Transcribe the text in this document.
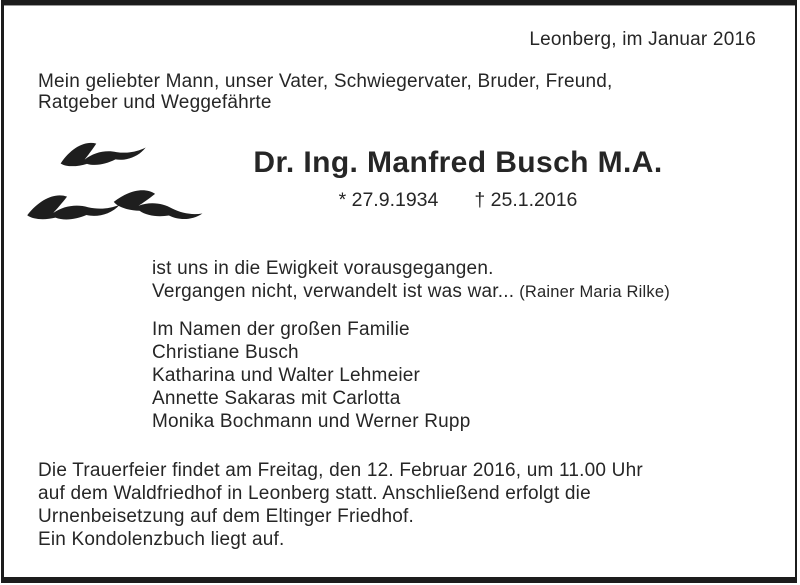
Leonberg, im Januar 2016
Mein geliebter Mann, unser Vater, Schwiegervater, Bruder, Freund,
Ratgeber und Weggefährte
Dr. Ing. Manfred Busch M.A.
* 27.9.1934 † 25.1.2016
ist uns in die Ewigkeit vorausgegangen.
Vergangen nicht, verwandelt ist was war... (Rainer Maria Rilke)
Im Namen der großen Familie
Christiane Busch
Katharina und Walter Lehmeier
Annette Sakaras mit Carlotta
Monika Bochmann und Werner Rupp
Die Trauerfeier findet am Freitag, den 12. Februar 2016, um 11.00 Uhr
auf dem Waldfriedhof in Leonberg statt. Anschließend erfolgt die
Urnenbeisetzung auf dem Eltinger Friedhof.
Ein Kondolenzbuch liegt auf.
